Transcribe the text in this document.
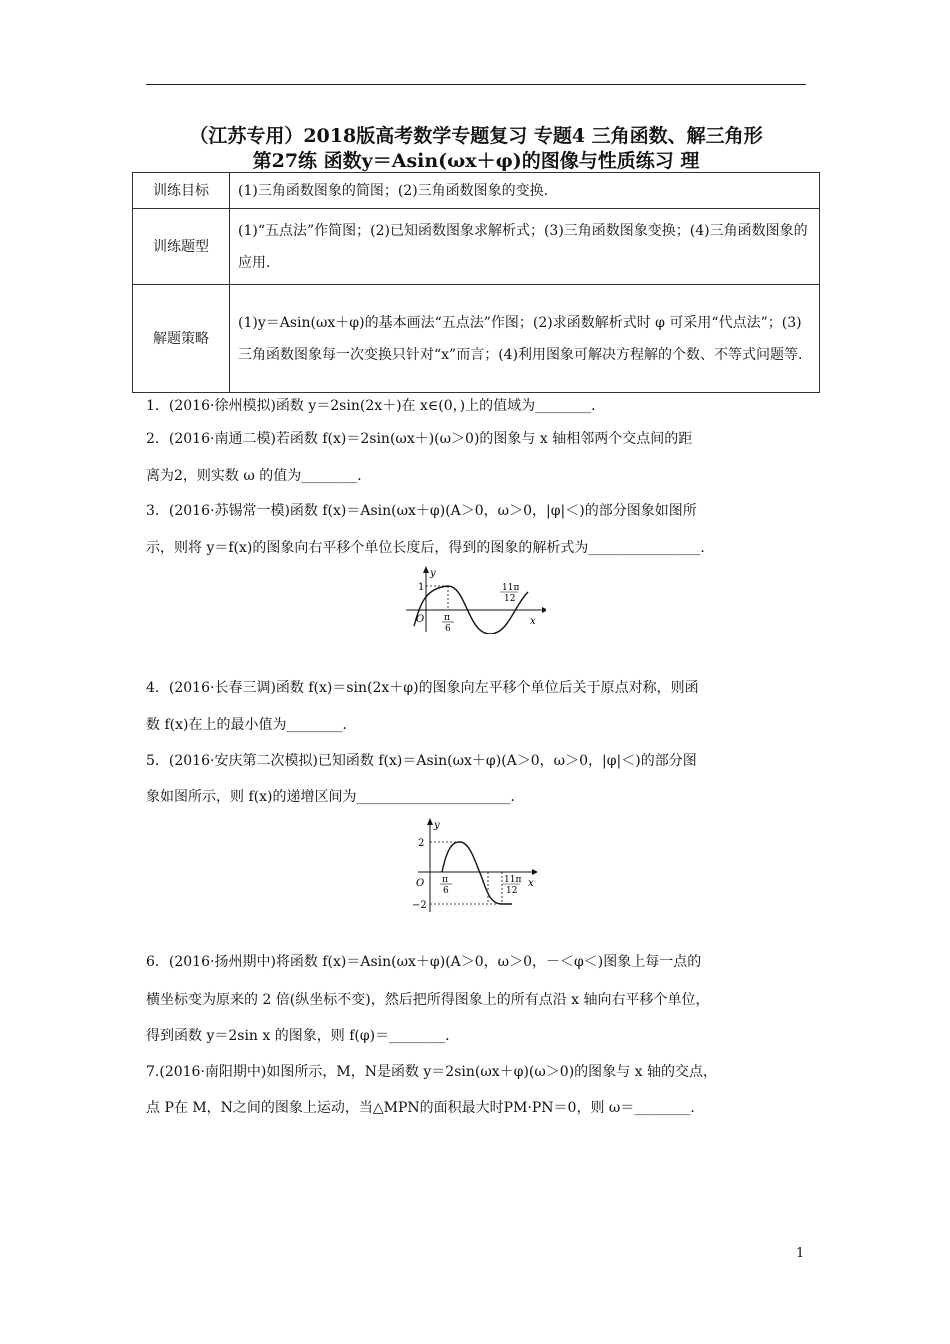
（江苏专用）2018版高考数学专题复习 专题4 三角函数、解三角形
第27练 函数y＝Asin(ωx＋φ)的图像与性质练习 理
训练目标	(1)三角函数图象的简图；(2)三角函数图象的变换.
训练题型	(1)“五点法”作简图；(2)已知函数图象求解析式；(3)三角函数图象变换；(4)三角函数图象的应用.
解题策略	(1)y＝Asin(ωx＋φ)的基本画法“五点法”作图；(2)求函数解析式时 φ 可采用“代点法”；(3)三角函数图象每一次变换只针对“x”而言；(4)利用图象可解决方程解的个数、不等式问题等.
1．(2016·徐州模拟)函数 y＝2sin(2x＋)在 x∈(0，)上的值域为________．
2．(2016·南通二模)若函数 f(x)＝2sin(ωx＋)(ω＞0)的图象与 x 轴相邻两个交点间的距
离为2，则实数 ω 的值为________．
3．(2016·苏锡常一模)函数 f(x)＝Asin(ωx＋φ)(A＞0，ω＞0，|φ|＜)的部分图象如图所
示，则将 y＝f(x)的图象向右平移个单位长度后，得到的图象的解析式为________________．
y
x
O
1
π
6
11π
12
4．(2016·长春三调)函数 f(x)＝sin(2x＋φ)的图象向左平移个单位后关于原点对称，则函
数 f(x)在上的最小值为________．
5．(2016·安庆第二次模拟)已知函数 f(x)＝Asin(ωx＋φ)(A＞0，ω＞0，|φ|＜)的部分图
象如图所示，则 f(x)的递增区间为______________________．
y
x
O
2
−2
π
6
11π
12
6．(2016·扬州期中)将函数 f(x)＝Asin(ωx＋φ)(A＞0，ω＞0，－＜φ＜)图象上每一点的
横坐标变为原来的 2 倍(纵坐标不变)，然后把所得图象上的所有点沿 x 轴向右平移个单位，
得到函数 y＝2sin x 的图象，则 f(φ)＝________．
7.(2016·南阳期中)如图所示，M，N是函数 y＝2sin(ωx＋φ)(ω＞0)的图象与 x 轴的交点，
点 P在 M，N之间的图象上运动，当△MPN的面积最大时PM·PN＝0，则 ω＝________．
1
